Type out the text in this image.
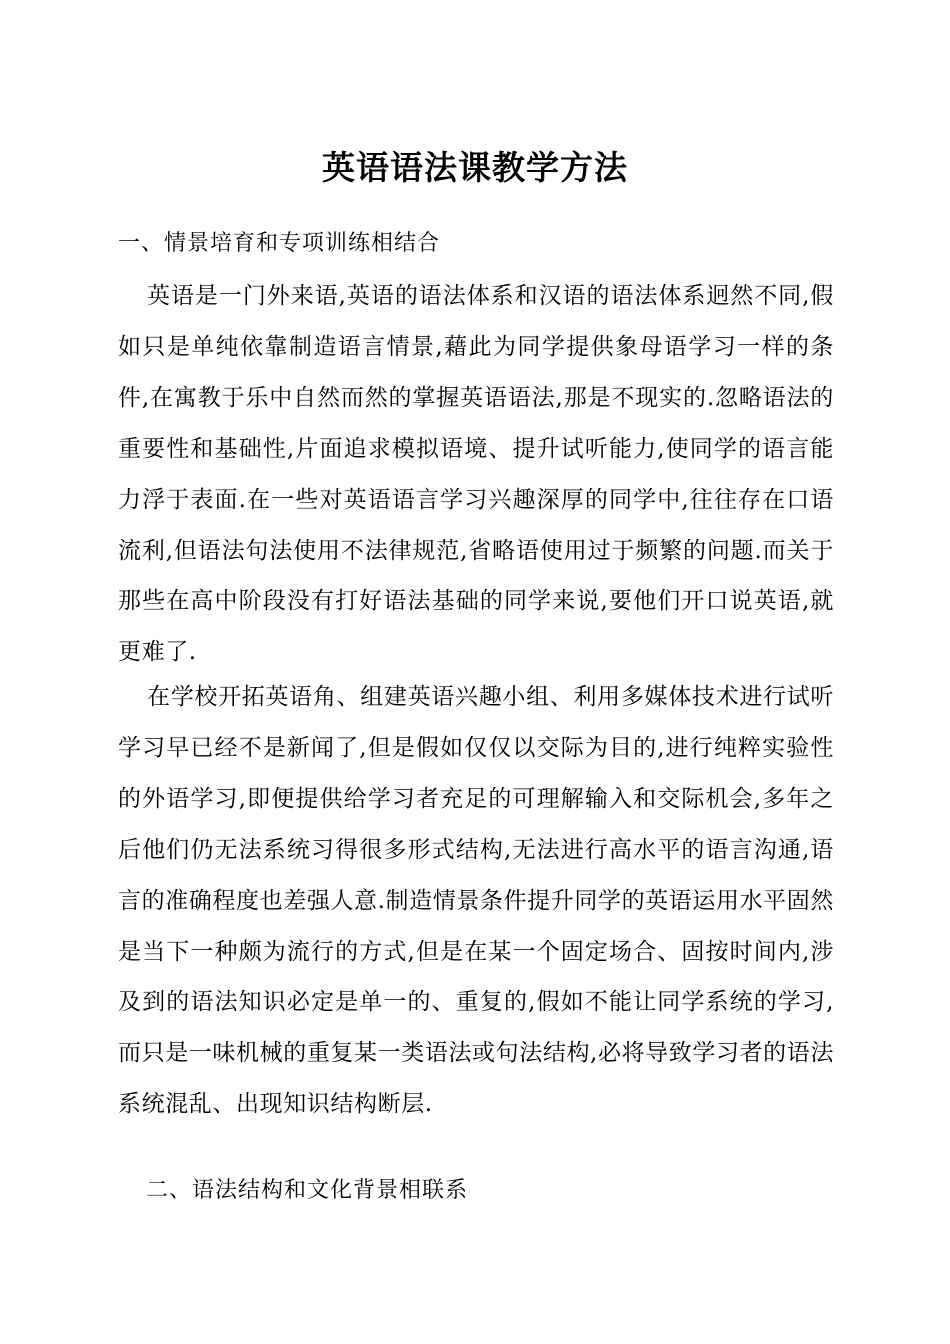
英语语法课教学方法
一、情景培育和专项训练相结合

英语是一门外来语,英语的语法体系和汉语的语法体系迥然不同,假如只是单纯依靠制造语言情景,藉此为同学提供象母语学习一样的条件,在寓教于乐中自然而然的掌握英语语法,那是不现实的.忽略语法的重要性和基础性,片面追求模拟语境、提升试听能力,使同学的语言能力浮于表面.在一些对英语语言学习兴趣深厚的同学中,往往存在口语流利,但语法句法使用不法律规范,省略语使用过于频繁的问题.而关于那些在高中阶段没有打好语法基础的同学来说,要他们开口说英语,就更难了.

在学校开拓英语角、组建英语兴趣小组、利用多媒体技术进行试听学习早已经不是新闻了,但是假如仅仅以交际为目的,进行纯粹实验性的外语学习,即便提供给学习者充足的可理解输入和交际机会,多年之后他们仍无法系统习得很多形式结构,无法进行高水平的语言沟通,语言的准确程度也差强人意.制造情景条件提升同学的英语运用水平固然是当下一种颇为流行的方式,但是在某一个固定场合、固按时间内,涉及到的语法知识必定是单一的、重复的,假如不能让同学系统的学习,而只是一味机械的重复某一类语法或句法结构,必将导致学习者的语法系统混乱、出现知识结构断层.

二、语法结构和文化背景相联系
